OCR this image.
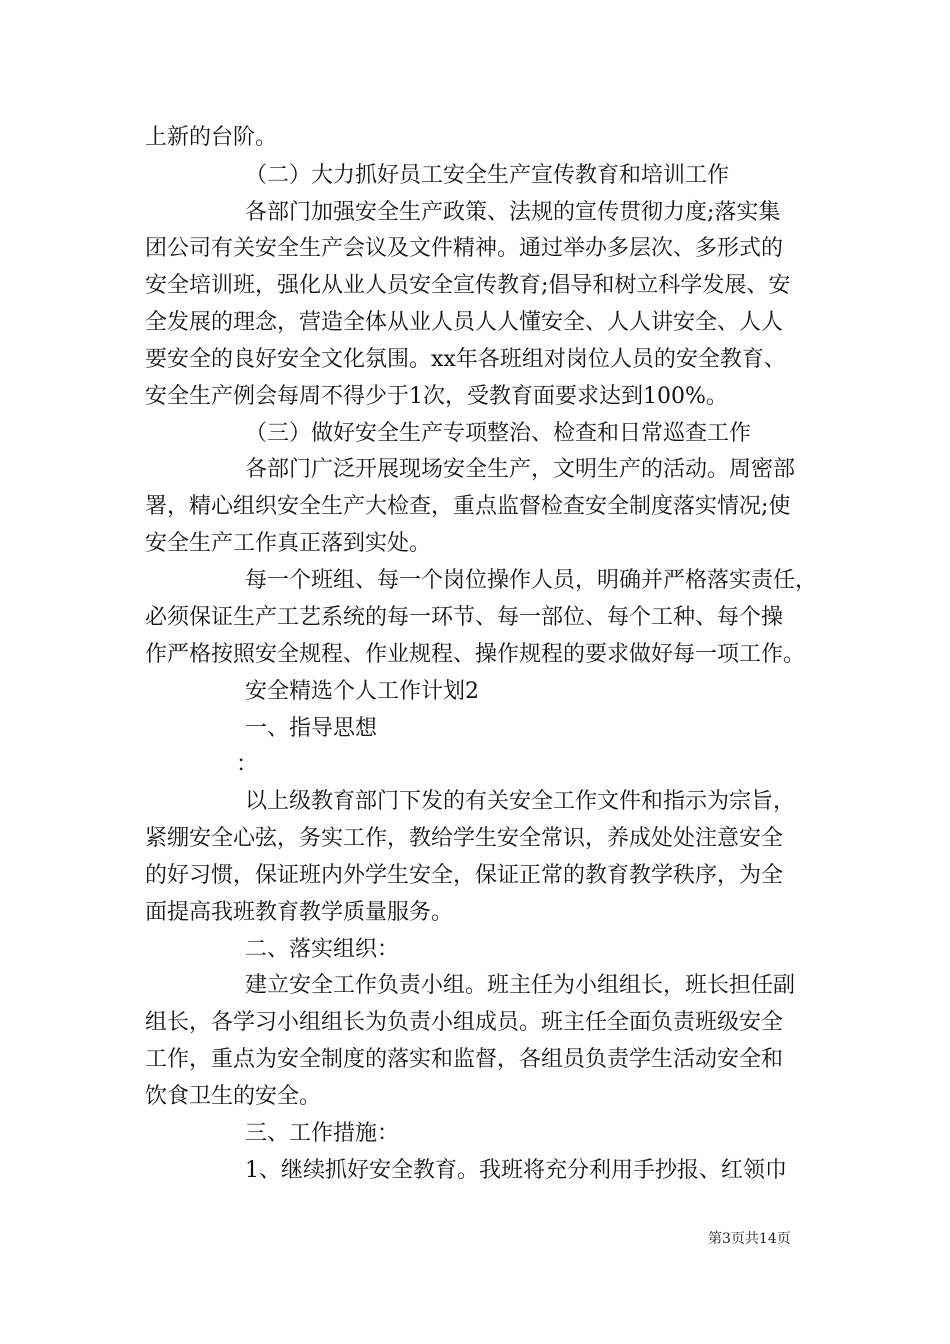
上新的台阶。

（二）大力抓好员工安全生产宣传教育和培训工作

各部门加强安全生产政策、法规的宣传贯彻力度;落实集

团公司有关安全生产会议及文件精神。通过举办多层次、多形式的

安全培训班，强化从业人员安全宣传教育;倡导和树立科学发展、安

全发展的理念，营造全体从业人员人人懂安全、人人讲安全、人人

要安全的良好安全文化氛围。xx年各班组对岗位人员的安全教育、

安全生产例会每周不得少于1次，受教育面要求达到100%。

（三）做好安全生产专项整治、检查和日常巡查工作

各部门广泛开展现场安全生产，文明生产的活动。周密部

署，精心组织安全生产大检查，重点监督检查安全制度落实情况;使

安全生产工作真正落到实处。

每一个班组、每一个岗位操作人员，明确并严格落实责任，

必须保证生产工艺系统的每一环节、每一部位、每个工种、每个操

作严格按照安全规程、作业规程、操作规程的要求做好每一项工作。

安全精选个人工作计划2

一、指导思想

：

以上级教育部门下发的有关安全工作文件和指示为宗旨，

紧绷安全心弦，务实工作，教给学生安全常识，养成处处注意安全

的好习惯，保证班内外学生安全，保证正常的教育教学秩序，为全

面提高我班教育教学质量服务。

二、落实组织：

建立安全工作负责小组。班主任为小组组长，班长担任副

组长，各学习小组组长为负责小组成员。班主任全面负责班级安全

工作，重点为安全制度的落实和监督，各组员负责学生活动安全和

饮食卫生的安全。

三、工作措施：

1、继续抓好安全教育。我班将充分利用手抄报、红领巾

第3页共14页
